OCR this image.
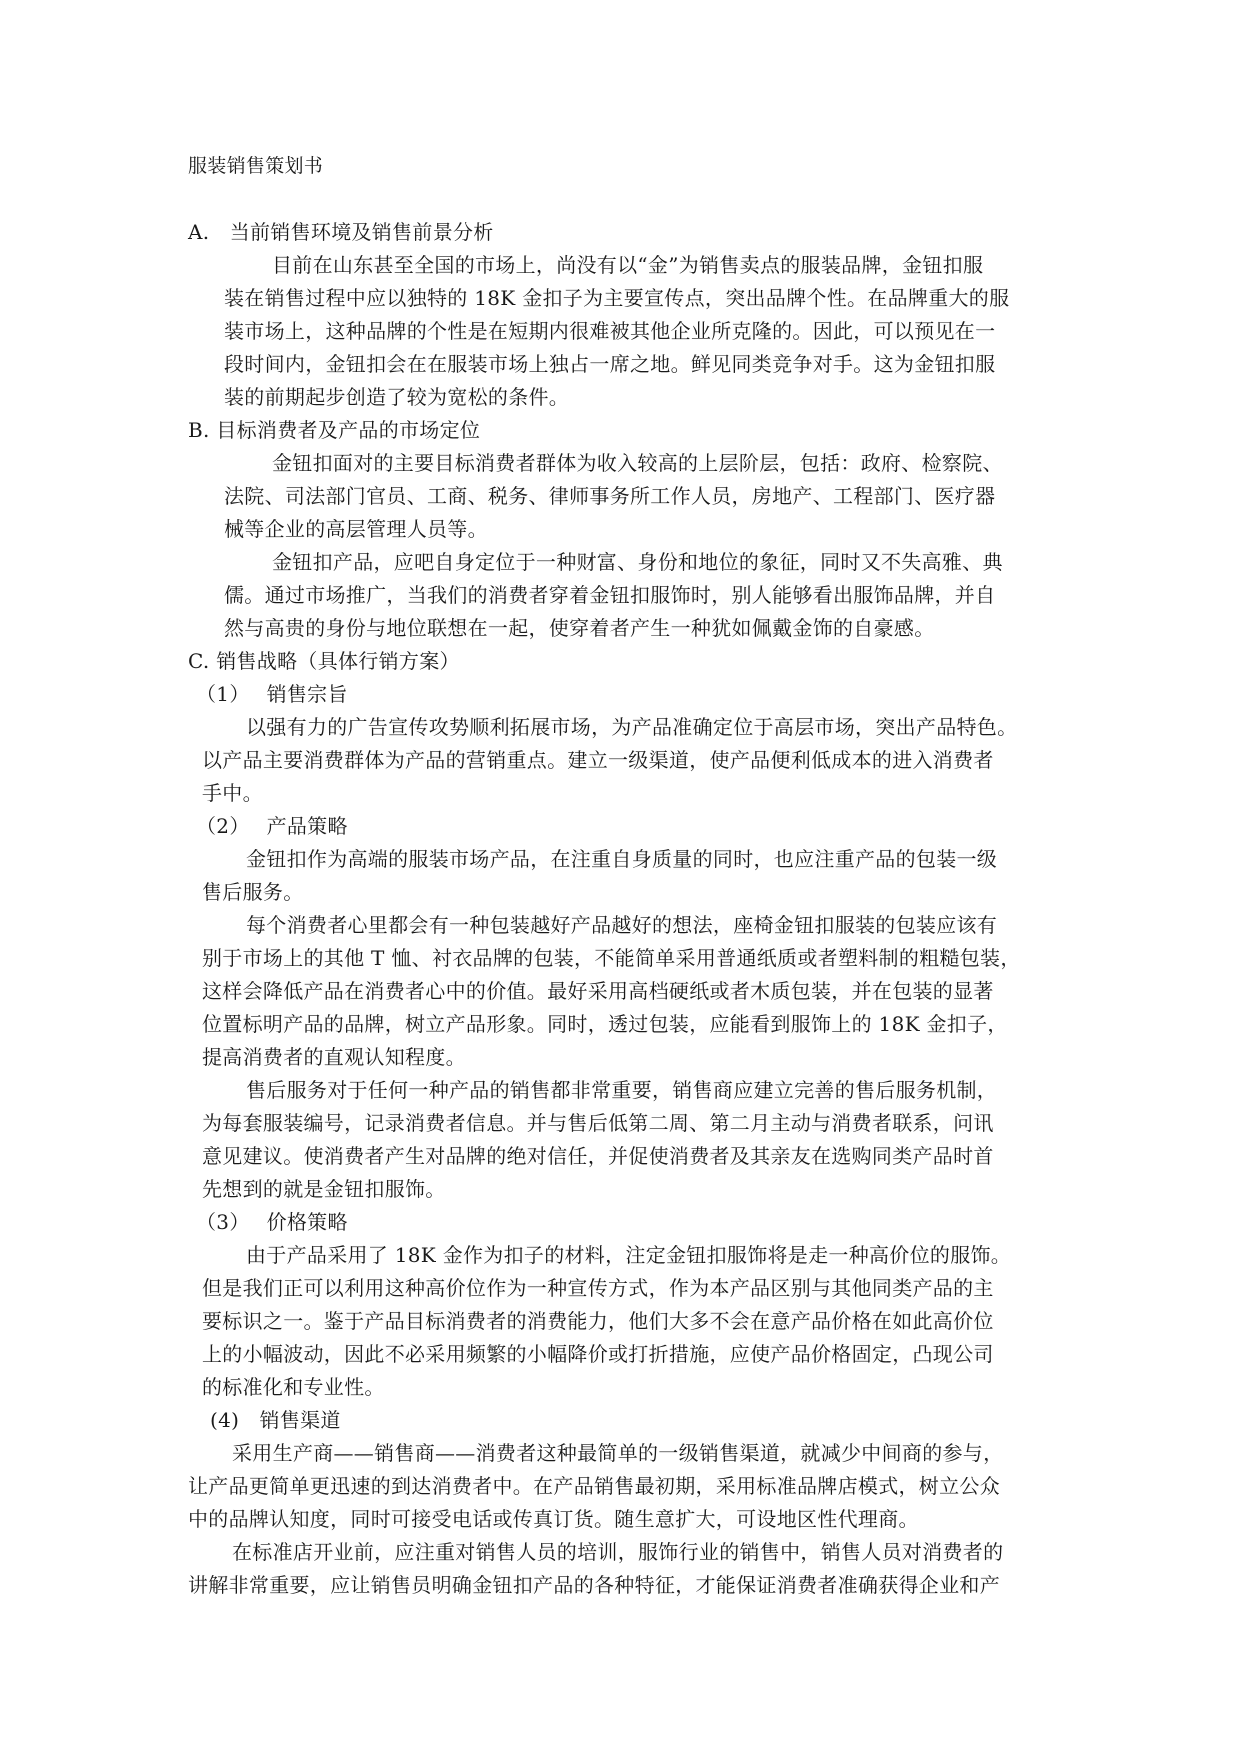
服装销售策划书
A.　当前销售环境及销售前景分析
目前在山东甚至全国的市场上，尚没有以“金”为销售卖点的服装品牌，金钮扣服
装在销售过程中应以独特的 18K 金扣子为主要宣传点，突出品牌个性。在品牌重大的服
装市场上，这种品牌的个性是在短期内很难被其他企业所克隆的。因此，可以预见在一
段时间内，金钮扣会在在服装市场上独占一席之地。鲜见同类竞争对手。这为金钮扣服
装的前期起步创造了较为宽松的条件。
B. 目标消费者及产品的市场定位
金钮扣面对的主要目标消费者群体为收入较高的上层阶层，包括：政府、检察院、
法院、司法部门官员、工商、税务、律师事务所工作人员，房地产、工程部门、医疗器
械等企业的高层管理人员等。
金钮扣产品，应吧自身定位于一种财富、身份和地位的象征，同时又不失高雅、典
儒。通过市场推广，当我们的消费者穿着金钮扣服饰时，别人能够看出服饰品牌，并自
然与高贵的身份与地位联想在一起，使穿着者产生一种犹如佩戴金饰的自豪感。
C. 销售战略（具体行销方案）
（1）　 销售宗旨
以强有力的广告宣传攻势顺利拓展市场，为产品准确定位于高层市场，突出产品特色。
以产品主要消费群体为产品的营销重点。建立一级渠道，使产品便利低成本的进入消费者
手中。
（2）　 产品策略
金钮扣作为高端的服装市场产品，在注重自身质量的同时，也应注重产品的包装一级
售后服务。
每个消费者心里都会有一种包装越好产品越好的想法，座椅金钮扣服装的包装应该有
别于市场上的其他 T 恤、衬衣品牌的包装，不能简单采用普通纸质或者塑料制的粗糙包装，
这样会降低产品在消费者心中的价值。最好采用高档硬纸或者木质包装，并在包装的显著
位置标明产品的品牌，树立产品形象。同时，透过包装，应能看到服饰上的 18K 金扣子，
提高消费者的直观认知程度。
售后服务对于任何一种产品的销售都非常重要，销售商应建立完善的售后服务机制，
为每套服装编号，记录消费者信息。并与售后低第二周、第二月主动与消费者联系，问讯
意见建议。使消费者产生对品牌的绝对信任，并促使消费者及其亲友在选购同类产品时首
先想到的就是金钮扣服饰。
（3）　 价格策略
由于产品采用了 18K 金作为扣子的材料，注定金钮扣服饰将是走一种高价位的服饰。
但是我们正可以利用这种高价位作为一种宣传方式，作为本产品区别与其他同类产品的主
要标识之一。鉴于产品目标消费者的消费能力，他们大多不会在意产品价格在如此高价位
上的小幅波动，因此不必采用频繁的小幅降价或打折措施，应使产品价格固定，凸现公司
的标准化和专业性。
(4)　销售渠道
采用生产商——销售商——消费者这种最简单的一级销售渠道，就减少中间商的参与，
让产品更简单更迅速的到达消费者中。在产品销售最初期，采用标准品牌店模式，树立公众
中的品牌认知度，同时可接受电话或传真订货。随生意扩大，可设地区性代理商。
在标准店开业前，应注重对销售人员的培训，服饰行业的销售中，销售人员对消费者的
讲解非常重要，应让销售员明确金钮扣产品的各种特征，才能保证消费者准确获得企业和产
